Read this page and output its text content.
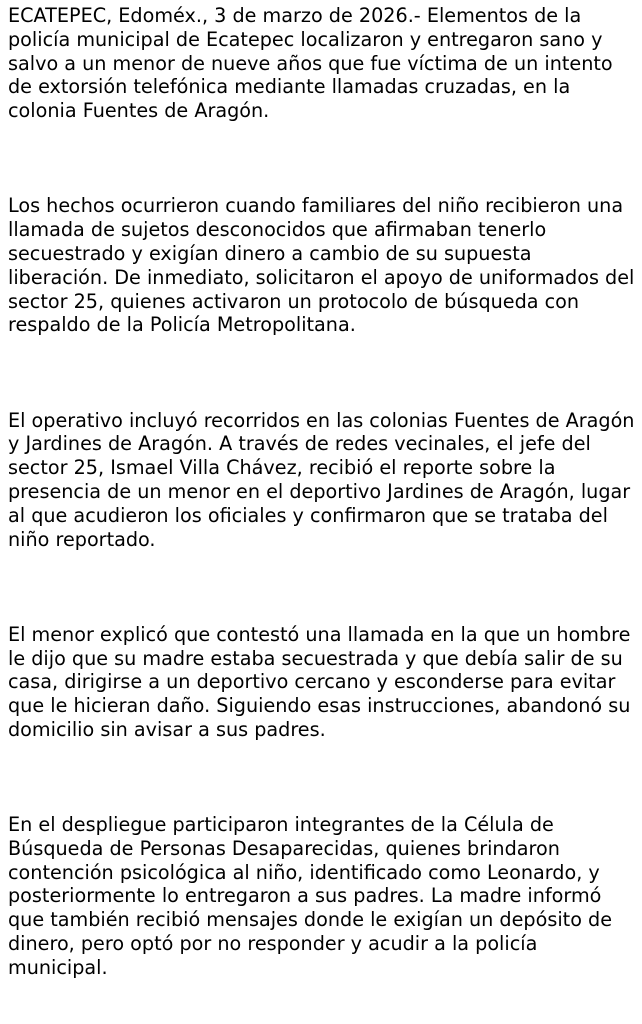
ECATEPEC, Edoméx., 3 de marzo de 2026.- Elementos de la policía municipal de Ecatepec localizaron y entregaron sano y salvo a un menor de nueve años que fue víctima de un intento de extorsión telefónica mediante llamadas cruzadas, en la colonia Fuentes de Aragón.

Los hechos ocurrieron cuando familiares del niño recibieron una llamada de sujetos desconocidos que afirmaban tenerlo secuestrado y exigían dinero a cambio de su supuesta liberación. De inmediato, solicitaron el apoyo de uniformados del sector 25, quienes activaron un protocolo de búsqueda con respaldo de la Policía Metropolitana.

El operativo incluyó recorridos en las colonias Fuentes de Aragón y Jardines de Aragón. A través de redes vecinales, el jefe del sector 25, Ismael Villa Chávez, recibió el reporte sobre la presencia de un menor en el deportivo Jardines de Aragón, lugar al que acudieron los oficiales y confirmaron que se trataba del niño reportado.

El menor explicó que contestó una llamada en la que un hombre le dijo que su madre estaba secuestrada y que debía salir de su casa, dirigirse a un deportivo cercano y esconderse para evitar que le hicieran daño. Siguiendo esas instrucciones, abandonó su domicilio sin avisar a sus padres.

En el despliegue participaron integrantes de la Célula de Búsqueda de Personas Desaparecidas, quienes brindaron contención psicológica al niño, identificado como Leonardo, y posteriormente lo entregaron a sus padres. La madre informó que también recibió mensajes donde le exigían un depósito de dinero, pero optó por no responder y acudir a la policía municipal.
